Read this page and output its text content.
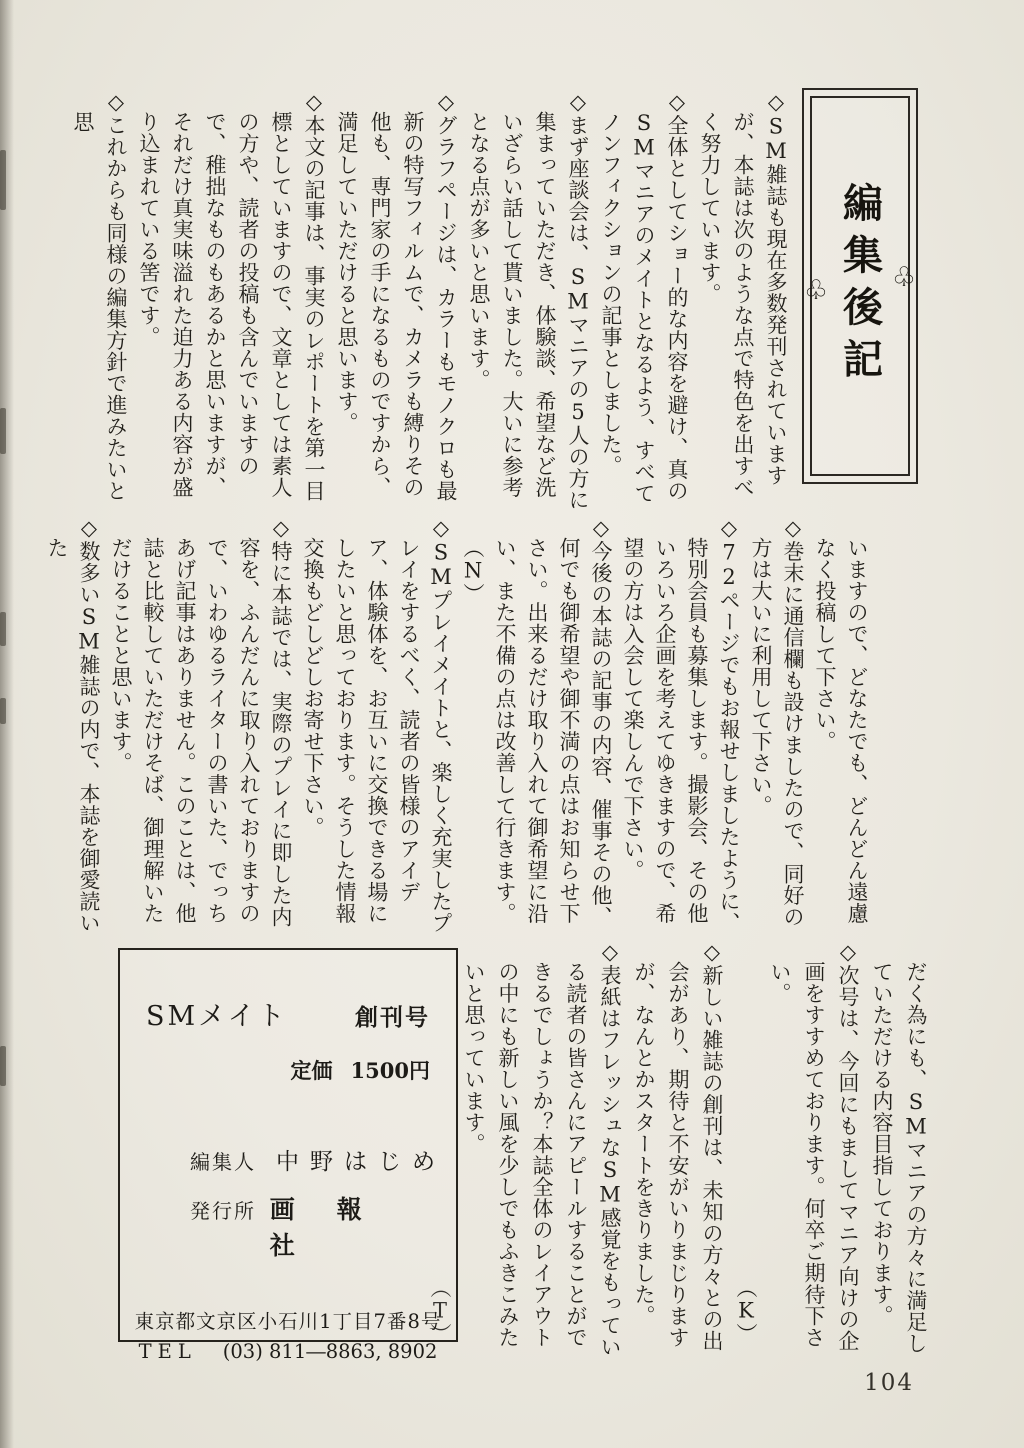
♧
編集後記
♧

◇SM雑誌も現在多数発刊されていますが、本誌は次のような点で特色を出すべく努力しています。

◇全体としてショー的な内容を避け、真のSMマニアのメイトとなるよう、すべてノンフィクションの記事としました。

◇まず座談会は、SMマニアの5人の方に集まっていただき、体験談、希望など洗いざらい話して貰いました。大いに参考となる点が多いと思います。

◇グラフページは、カラーもモノクロも最新の特写フィルムで、カメラも縛りその他も、専門家の手になるものですから、満足していただけると思います。

◇本文の記事は、事実のレポートを第一目標としていますので、文章としては素人の方や、読者の投稿も含んでいますので、稚拙なものもあるかと思いますが、それだけ真実味溢れた迫力ある内容が盛り込まれている筈です。

◇これからも同様の編集方針で進みたいと思

いますので、どなたでも、どんどん遠慮なく投稿して下さい。

◇巻末に通信欄も設けましたので、同好の方は大いに利用して下さい。

◇72ページでもお報せしましたように、特別会員も募集します。撮影会、その他いろいろ企画を考えてゆきますので、希望の方は入会して楽しんで下さい。

◇今後の本誌の記事の内容、催事その他、何でも御希望や御不満の点はお知らせ下さい。出来るだけ取り入れて御希望に沿い、また不備の点は改善して行きます。（N）

◇SMプレイメイトと、楽しく充実したプレイをするべく、読者の皆様のアイデア、体験体を、お互いに交換できる場にしたいと思っております。そうした情報交換もどしどしお寄せ下さい。

◇特に本誌では、実際のプレイに即した内容を、ふんだんに取り入れておりますので、いわゆるライターの書いた、でっちあげ記事はありません。このことは、他誌と比較していただけそば、御理解いただけることと思います。

◇数多いSM雑誌の内で、本誌を御愛読いた

だく為にも、SMマニアの方々に満足していただける内容目指しております。

◇次号は、今回にもましてマニア向けの企画をすすめております。何卒ご期待下さい。

（K）

◇新しい雑誌の創刊は、未知の方々との出会があり、期待と不安がいりまじりますが、なんとかスタートをきりました。

◇表紙はフレッシュなSM感覚をもっている読者の皆さんにアピールすることができるでしょうか？本誌全体のレイアウトの中にも新しい風を少しでもふきこみたいと思っています。

（T）

SMメイト	創刊号
定価 1500円
編集人 中野はじめ
発行所 画報社
東京都文京区小石川1丁目7番8号
TEL (03) 811―8863, 8902
104
